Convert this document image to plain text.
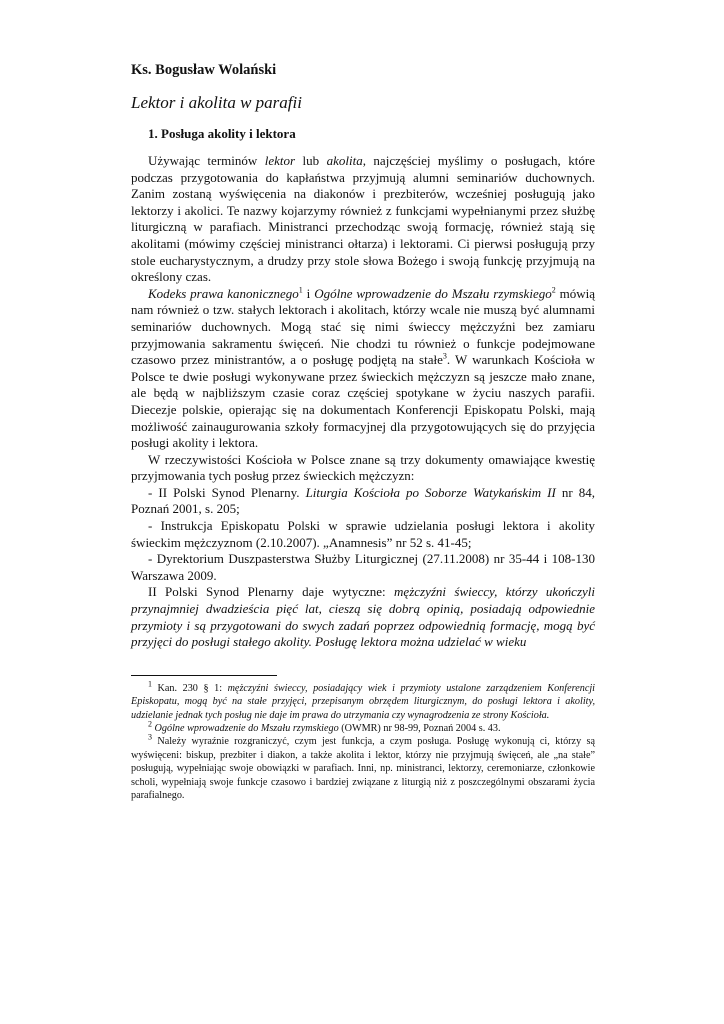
Ks. Bogusław Wolański

Lektor i akolita w parafii

1. Posługa akolity i lektora

Używając terminów lektor lub akolita, najczęściej myślimy o posługach, które podczas przygotowania do kapłaństwa przyjmują alumni seminariów duchownych. Zanim zostaną wyświęcenia na diakonów i prezbiterów, wcześniej posługują jako lektorzy i akolici. Te nazwy kojarzymy również z funkcjami wypełnianymi przez służbę liturgiczną w parafiach. Ministranci przechodząc swoją formację, również stają się akolitami (mówimy częściej ministranci ołtarza) i lektorami. Ci pierwsi posługują przy stole eucharystycznym, a drudzy przy stole słowa Bożego i swoją funkcję przyjmują na określony czas.

Kodeks prawa kanonicznego$^1$ i Ogólne wprowadzenie do Mszału rzymskiego$^2$ mówią nam również o tzw. stałych lektorach i akolitach, którzy wcale nie muszą być alumnami seminariów duchownych. Mogą stać się nimi świeccy mężczyźni bez zamiaru przyjmowania sakramentu święceń. Nie chodzi tu również o funkcje podejmowane czasowo przez ministrantów, a o posługę podjętą na stałe$^3$. W warunkach Kościoła w Polsce te dwie posługi wykonywane przez świeckich mężczyzn są jeszcze mało znane, ale będą w najbliższym czasie coraz częściej spotykane w życiu naszych parafii. Diecezje polskie, opierając się na dokumentach Konferencji Episkopatu Polski, mają możliwość zainaugurowania szkoły formacyjnej dla przygotowujących się do przyjęcia posługi akolity i lektora.

W rzeczywistości Kościoła w Polsce znane są trzy dokumenty omawiające kwestię przyjmowania tych posług przez świeckich mężczyzn:

- II Polski Synod Plenarny. Liturgia Kościoła po Soborze Watykańskim II nr 84, Poznań 2001, s. 205;

- Instrukcja Episkopatu Polski w sprawie udzielania posługi lektora i akolity świeckim mężczyznom (2.10.2007). „Anamnesis” nr 52 s. 41-45;

- Dyrektorium Duszpasterstwa Służby Liturgicznej (27.11.2008) nr 35-44 i 108-130 Warszawa 2009.

II Polski Synod Plenarny daje wytyczne: mężczyźni świeccy, którzy ukończyli przynajmniej dwadzieścia pięć lat, cieszą się dobrą opinią, posiadają odpowiednie przymioty i są przygotowani do swych zadań poprzez odpowiednią formację, mogą być przyjęci do posługi stałego akolity. Posługę lektora można udzielać w wieku

$^1$ Kan. 230 § 1: mężczyźni świeccy, posiadający wiek i przymioty ustalone zarządzeniem Konferencji Episkopatu, mogą być na stałe przyjęci, przepisanym obrzędem liturgicznym, do posługi lektora i akolity, udzielanie jednak tych posług nie daje im prawa do utrzymania czy wynagrodzenia ze strony Kościoła.

$^2$ Ogólne wprowadzenie do Mszału rzymskiego (OWMR) nr 98-99, Poznań 2004 s. 43.

$^3$ Należy wyraźnie rozgraniczyć, czym jest funkcja, a czym posługa. Posługę wykonują ci, którzy są wyświęceni: biskup, prezbiter i diakon, a także akolita i lektor, którzy nie przyjmują święceń, ale „na stałe” posługują, wypełniając swoje obowiązki w parafiach. Inni, np. ministranci, lektorzy, ceremoniarze, członkowie scholi, wypełniają swoje funkcje czasowo i bardziej związane z liturgią niż z poszczególnymi obszarami życia parafialnego.
